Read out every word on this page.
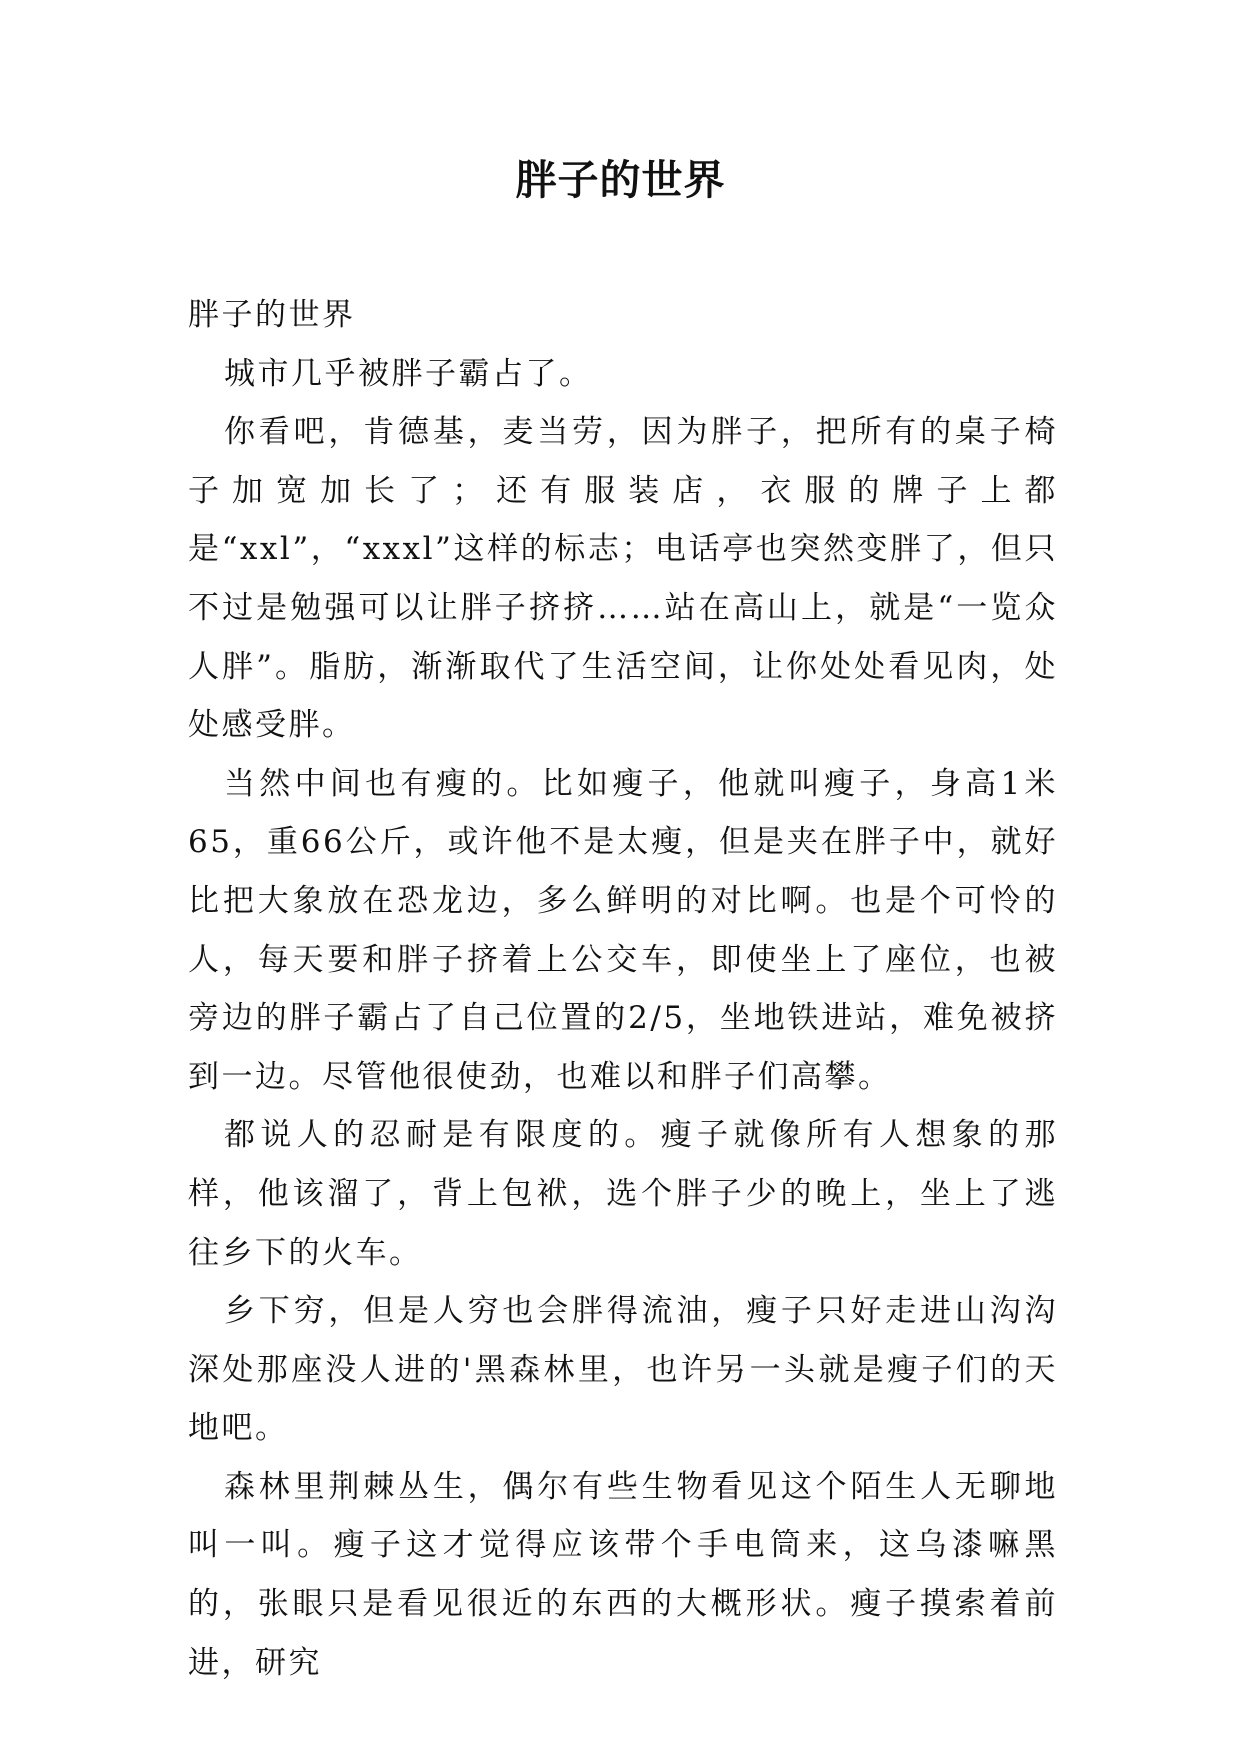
胖子的世界

胖子的世界

城市几乎被胖子霸占了。

你看吧，肯德基，麦当劳，因为胖子，把所有的桌子椅子加宽加长了；还有服装店，衣服的牌子上都是“xxl”，“xxxl”这样的标志；电话亭也突然变胖了，但只不过是勉强可以让胖子挤挤……站在高山上，就是“一览众人胖”。脂肪，渐渐取代了生活空间，让你处处看见肉，处处感受胖。

当然中间也有瘦的。比如瘦子，他就叫瘦子，身高1米65，重66公斤，或许他不是太瘦，但是夹在胖子中，就好比把大象放在恐龙边，多么鲜明的对比啊。也是个可怜的人，每天要和胖子挤着上公交车，即使坐上了座位，也被旁边的胖子霸占了自己位置的2/5，坐地铁进站，难免被挤到一边。尽管他很使劲，也难以和胖子们高攀。

都说人的忍耐是有限度的。瘦子就像所有人想象的那样，他该溜了，背上包袱，选个胖子少的晚上，坐上了逃往乡下的火车。

乡下穷，但是人穷也会胖得流油，瘦子只好走进山沟沟深处那座没人进的'黑森林里，也许另一头就是瘦子们的天地吧。

森林里荆棘丛生，偶尔有些生物看见这个陌生人无聊地叫一叫。瘦子这才觉得应该带个手电筒来，这乌漆嘛黑的，张眼只是看见很近的东西的大概形状。瘦子摸索着前进，研究
